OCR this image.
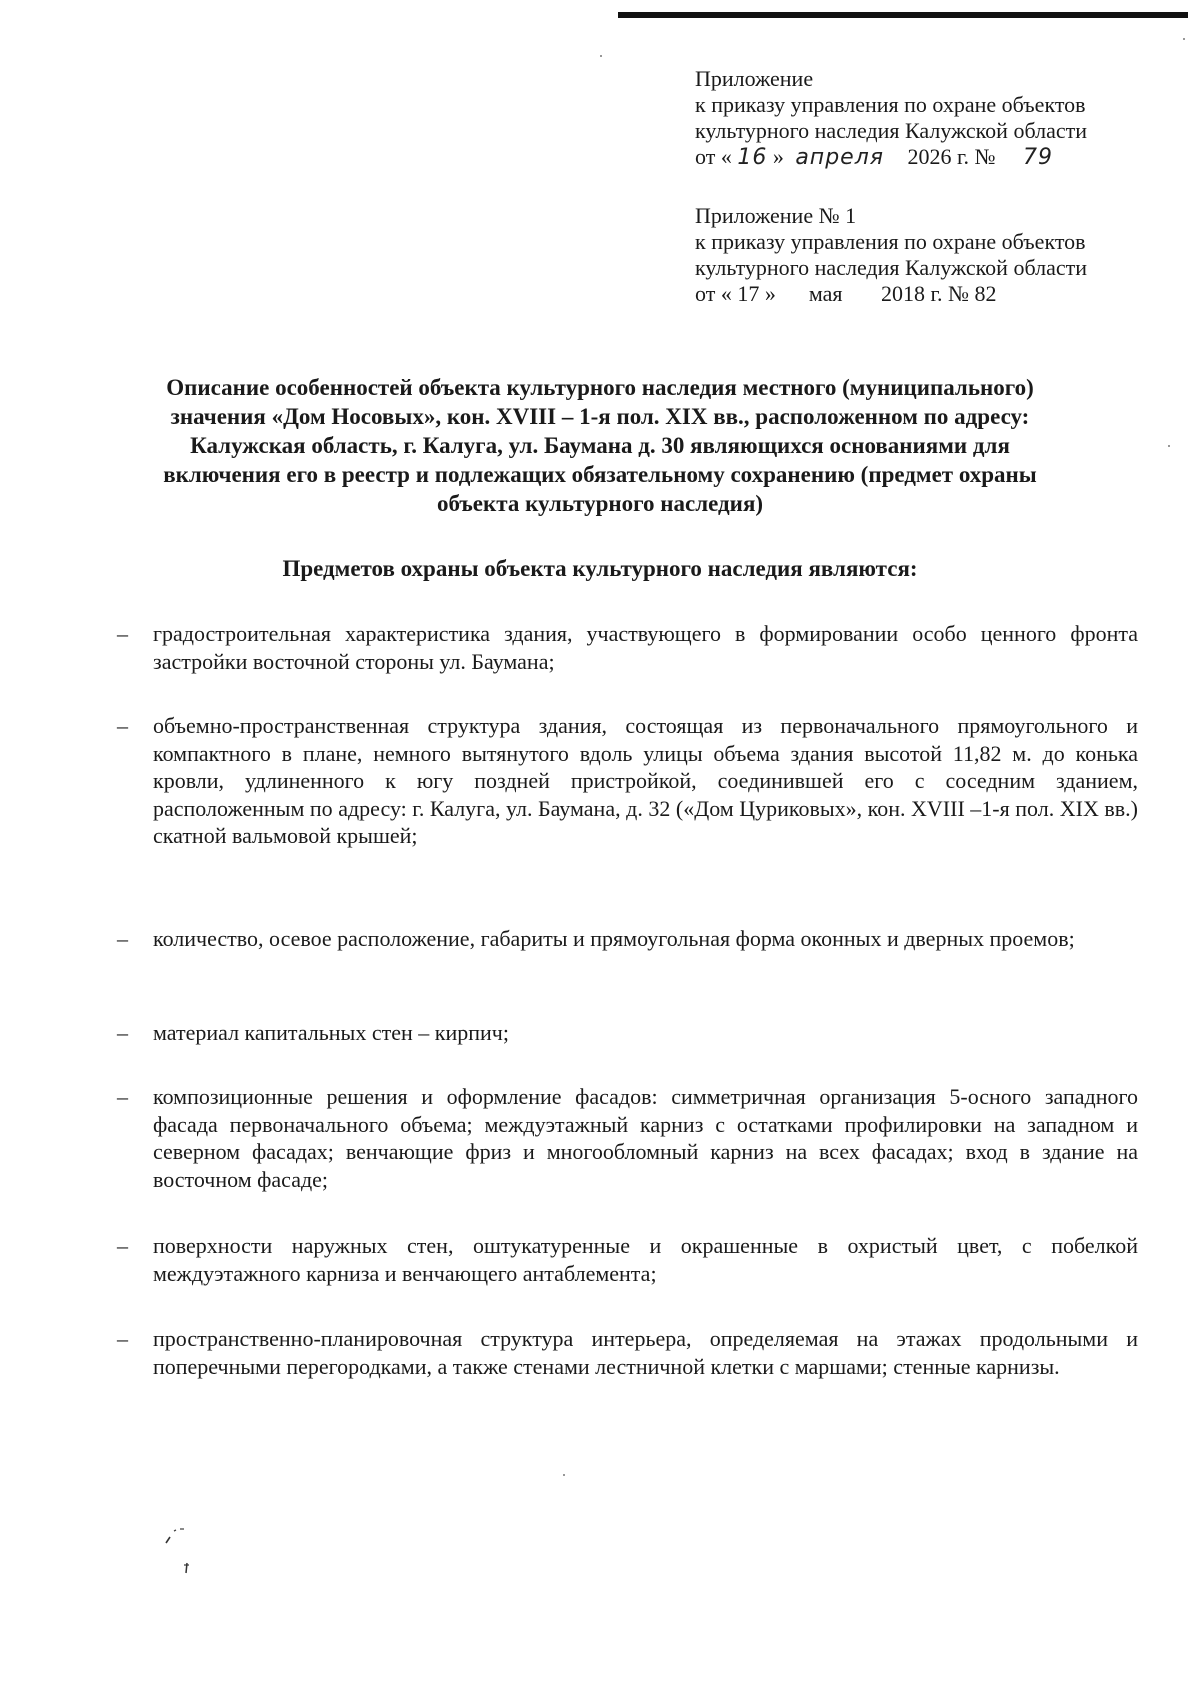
Приложение
к приказу управления по охране объектов
культурного наследия Калужской области
от « 16 » апреля 2026 г. № 79
Приложение № 1
к приказу управления по охране объектов
культурного наследия Калужской области
от « 17 »      мая       2018 г. № 82
Описание особенностей объекта культурного наследия местного (муниципального)
значения «Дом Носовых», кон. XVIII – 1-я пол. XIX вв., расположенном по адресу:
Калужская область, г. Калуга, ул. Баумана д. 30 являющихся основаниями для
включения его в реестр и подлежащих обязательному сохранению (предмет охраны
объекта культурного наследия)
Предметов охраны объекта культурного наследия являются:
– градостроительная характеристика здания, участвующего в формировании особо ценного фронта застройки восточной стороны ул. Баумана;
– объемно-пространственная структура здания, состоящая из первоначального прямоугольного и компактного в плане, немного вытянутого вдоль улицы объема здания высотой 11,82 м. до конька кровли, удлиненного к югу поздней пристройкой, соединившей его с соседним зданием, расположенным по адресу: г. Калуга, ул. Баумана, д. 32 («Дом Цуриковых», кон. XVIII –1-я пол. XIX вв.) скатной вальмовой крышей;
– количество, осевое расположение, габариты и прямоугольная форма оконных и дверных проемов;
– материал капитальных стен – кирпич;
– композиционные решения и оформление фасадов: симметричная организация 5-осного западного фасада первоначального объема; междуэтажный карниз с остатками профилировки на западном и северном фасадах; венчающие фриз и многообломный карниз на всех фасадах; вход в здание на восточном фасаде;
– поверхности наружных стен, оштукатуренные и окрашенные в охристый цвет, с побелкой междуэтажного карниза и венчающего антаблемента;
– пространственно-планировочная структура интерьера, определяемая на этажах продольными и поперечными перегородками, а также стенами лестничной клетки с маршами; стенные карнизы.
